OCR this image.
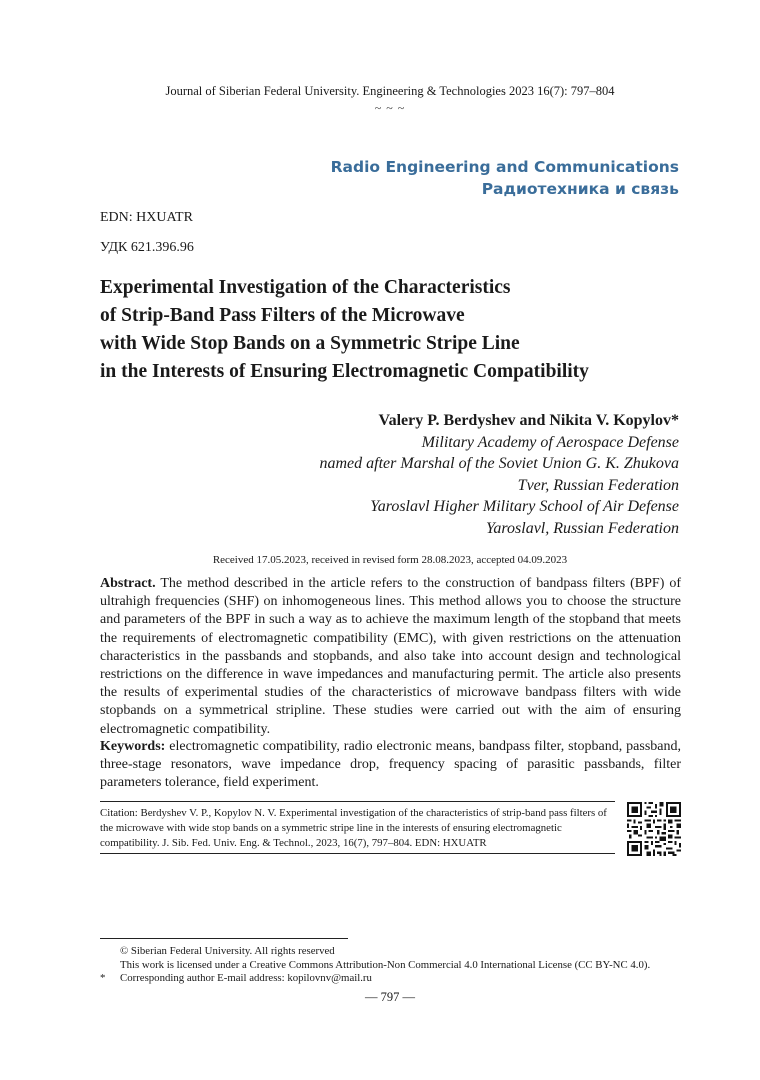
Journal of Siberian Federal University. Engineering & Technologies 2023 16(7): 797–804
~ ~ ~
Radio Engineering and Communications
Радиотехника и связь
EDN: HXUATR
УДК 621.396.96
Experimental Investigation of the Characteristics
of Strip-Band Pass Filters of the Microwave
with Wide Stop Bands on a Symmetric Stripe Line
in the Interests of Ensuring Electromagnetic Compatibility
Valery P. Berdyshev and Nikita V. Kopylov*
Military Academy of Aerospace Defense
named after Marshal of the Soviet Union G. K. Zhukova
Tver, Russian Federation
Yaroslavl Higher Military School of Air Defense
Yaroslavl, Russian Federation
Received 17.05.2023, received in revised form 28.08.2023, accepted 04.09.2023
Abstract. The method described in the article refers to the construction of bandpass filters (BPF) of ultrahigh frequencies (SHF) on inhomogeneous lines. This method allows you to choose the structure and parameters of the BPF in such a way as to achieve the maximum length of the stopband that meets the requirements of electromagnetic compatibility (EMC), with given restrictions on the attenuation characteristics in the passbands and stopbands, and also take into account design and technological restrictions on the difference in wave impedances and manufacturing permit. The article also presents the results of experimental studies of the characteristics of microwave bandpass filters with wide stopbands on a symmetrical stripline. These studies were carried out with the aim of ensuring electromagnetic compatibility.
Keywords: electromagnetic compatibility, radio electronic means, bandpass filter, stopband, passband, three-stage resonators, wave impedance drop, frequency spacing of parasitic passbands, filter parameters tolerance, field experiment.
Citation: Berdyshev V. P., Kopylov N. V. Experimental investigation of the characteristics of strip-band pass filters of the microwave with wide stop bands on a symmetric stripe line in the interests of ensuring electromagnetic compatibility. J. Sib. Fed. Univ. Eng. & Technol., 2023, 16(7), 797–804. EDN: HXUATR
© Siberian Federal University. All rights reserved
This work is licensed under a Creative Commons Attribution-Non Commercial 4.0 International License (CC BY-NC 4.0).
* Corresponding author E-mail address: kopilovnv@mail.ru
— 797 —
